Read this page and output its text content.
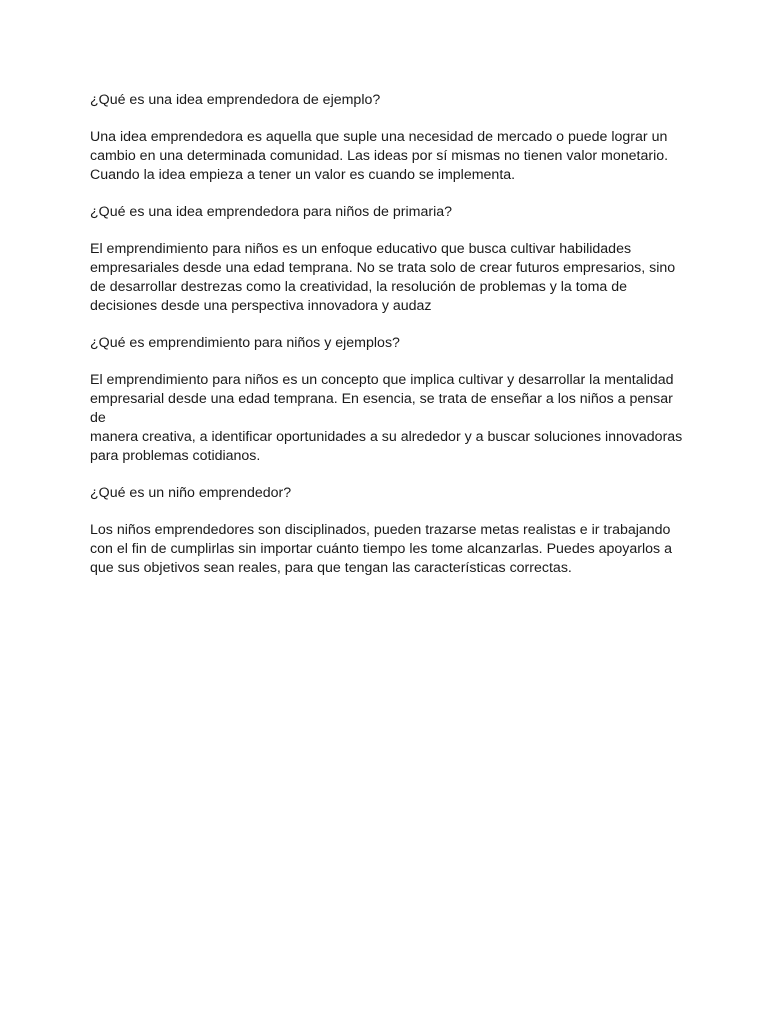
¿Qué es una idea emprendedora de ejemplo?

Una idea emprendedora es aquella que suple una necesidad de mercado o puede lograr un
cambio en una determinada comunidad. Las ideas por sí mismas no tienen valor monetario.
Cuando la idea empieza a tener un valor es cuando se implementa.

¿Qué es una idea emprendedora para niños de primaria?

El emprendimiento para niños es un enfoque educativo que busca cultivar habilidades
empresariales desde una edad temprana. No se trata solo de crear futuros empresarios, sino
de desarrollar destrezas como la creatividad, la resolución de problemas y la toma de
decisiones desde una perspectiva innovadora y audaz

¿Qué es emprendimiento para niños y ejemplos?

El emprendimiento para niños es un concepto que implica cultivar y desarrollar la mentalidad
empresarial desde una edad temprana. En esencia, se trata de enseñar a los niños a pensar de
manera creativa, a identificar oportunidades a su alrededor y a buscar soluciones innovadoras
para problemas cotidianos.

¿Qué es un niño emprendedor?

Los niños emprendedores son disciplinados, pueden trazarse metas realistas e ir trabajando
con el fin de cumplirlas sin importar cuánto tiempo les tome alcanzarlas. Puedes apoyarlos a
que sus objetivos sean reales, para que tengan las características correctas.
